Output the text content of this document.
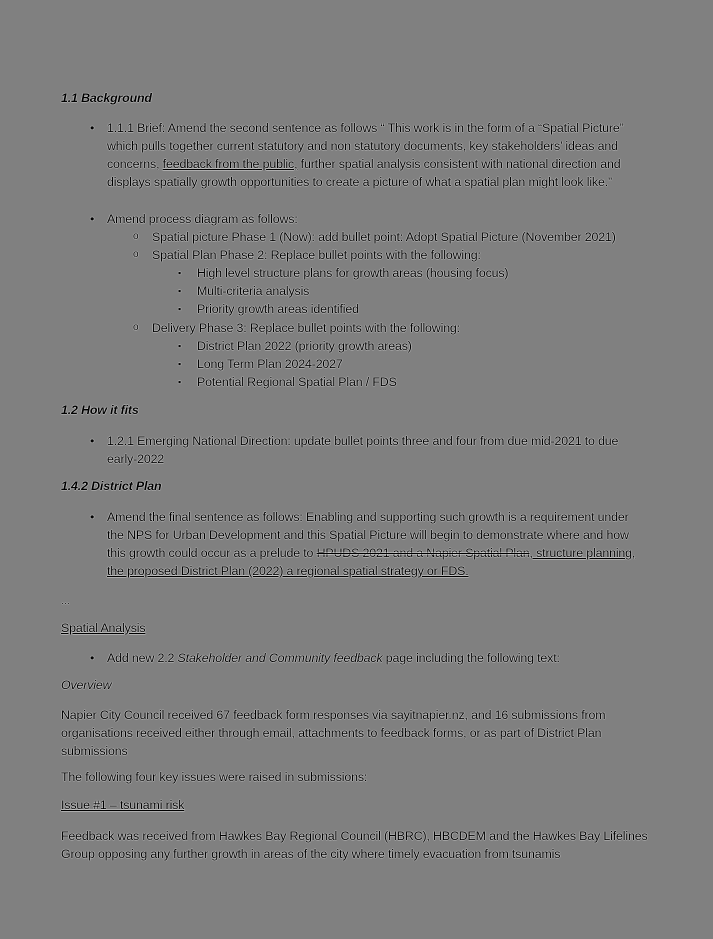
1.1 Background
• 1.1.1 Brief: Amend the second sentence as follows “ This work is in the form of a “Spatial Picture” which pulls together current statutory and non statutory documents, key stakeholders’ ideas and concerns, feedback from the public, further spatial analysis consistent with national direction and displays spatially growth opportunities to create a picture of what a spatial plan might look like.”
• Amend process diagram as follows:
o Spatial picture Phase 1 (Now): add bullet point: Adopt Spatial Picture (November 2021)
o Spatial Plan Phase 2: Replace bullet points with the following:
▪ High level structure plans for growth areas (housing focus)
▪ Multi-criteria analysis
▪ Priority growth areas identified
o Delivery Phase 3: Replace bullet points with the following:
▪ District Plan 2022 (priority growth areas)
▪ Long Term Plan 2024-2027
▪ Potential Regional Spatial Plan / FDS
1.2 How it fits
• 1.2.1 Emerging National Direction: update bullet points three and four from due mid-2021 to due early-2022
1.4.2 District Plan
• Amend the final sentence as follows: Enabling and supporting such growth is a requirement under the NPS for Urban Development and this Spatial Picture will begin to demonstrate where and how this growth could occur as a prelude to HPUDS 2021 and a Napier Spatial Plan, structure planning, the proposed District Plan (2022) a regional spatial strategy or FDS.
…
Spatial Analysis
• Add new 2.2 Stakeholder and Community feedback page including the following text:
Overview
Napier City Council received 67 feedback form responses via sayitnapier.nz, and 16 submissions from organisations received either through email, attachments to feedback forms, or as part of District Plan submissions
The following four key issues were raised in submissions:
Issue #1 – tsunami risk
Feedback was received from Hawkes Bay Regional Council (HBRC), HBCDEM and the Hawkes Bay Lifelines Group opposing any further growth in areas of the city where timely evacuation from tsunamis
